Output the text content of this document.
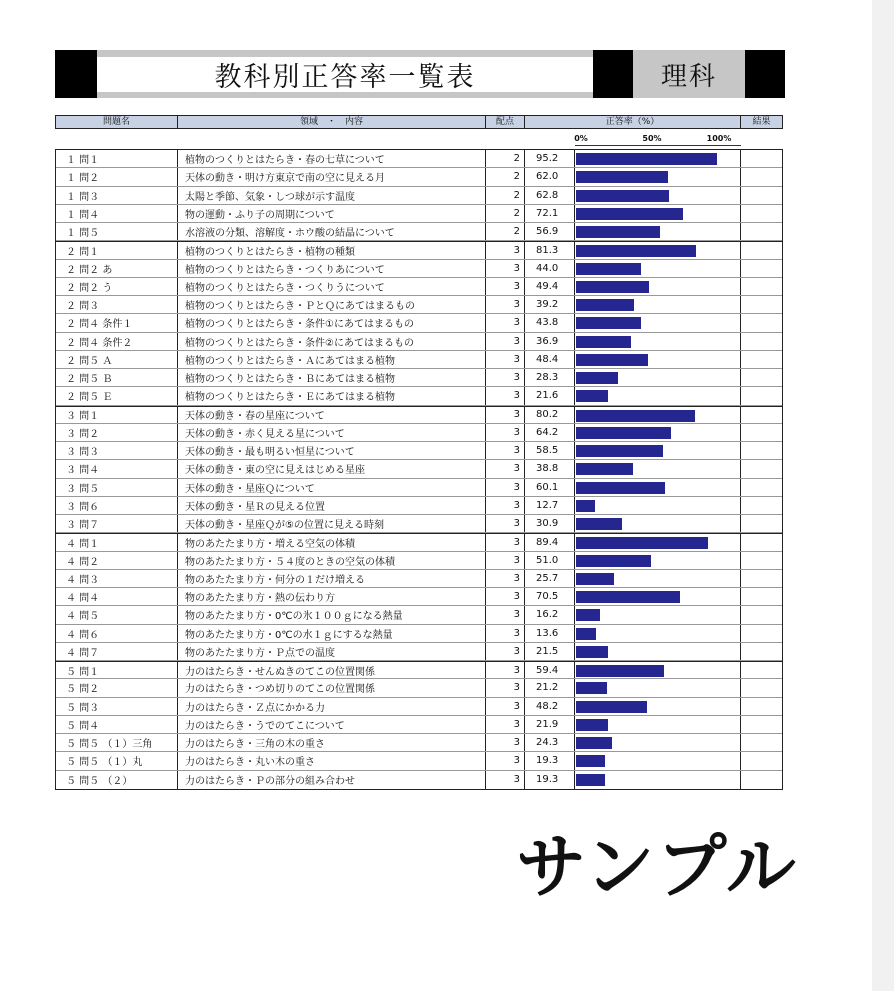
教科別正答率一覧表	理科
問題名	領域　・　内容	配点	正答率（%）	結果
0%	50%	100%
１ 問１	植物のつくりとはたらき・春の七草について	2	95.2
１ 問２	天体の動き・明け方東京で南の空に見える月	2	62.0
１ 問３	太陽と季節、気象・しつ球が示す温度	2	62.8
１ 問４	物の運動・ふり子の周期について	2	72.1
１ 問５	水溶液の分類、溶解度・ホウ酸の結晶について	2	56.9
２ 問１	植物のつくりとはたらき・植物の種類	3	81.3
２ 問２ あ	植物のつくりとはたらき・つくりあについて	3	44.0
２ 問２ う	植物のつくりとはたらき・つくりうについて	3	49.4
２ 問３	植物のつくりとはたらき・ＰとＱにあてはまるもの	3	39.2
２ 問４ 条件１	植物のつくりとはたらき・条件①にあてはまるもの	3	43.8
２ 問４ 条件２	植物のつくりとはたらき・条件②にあてはまるもの	3	36.9
２ 問５ Ａ	植物のつくりとはたらき・Ａにあてはまる植物	3	48.4
２ 問５ Ｂ	植物のつくりとはたらき・Ｂにあてはまる植物	3	28.3
２ 問５ Ｅ	植物のつくりとはたらき・Ｅにあてはまる植物	3	21.6
３ 問１	天体の動き・春の星座について	3	80.2
３ 問２	天体の動き・赤く見える星について	3	64.2
３ 問３	天体の動き・最も明るい恒星について	3	58.5
３ 問４	天体の動き・東の空に見えはじめる星座	3	38.8
３ 問５	天体の動き・星座Ｑについて	3	60.1
３ 問６	天体の動き・星Ｒの見える位置	3	12.7
３ 問７	天体の動き・星座Ｑが⑤の位置に見える時刻	3	30.9
４ 問１	物のあたたまり方・増える空気の体積	3	89.4
４ 問２	物のあたたまり方・５４度のときの空気の体積	3	51.0
４ 問３	物のあたたまり方・何分の１だけ増える	3	25.7
４ 問４	物のあたたまり方・熱の伝わり方	3	70.5
４ 問５	物のあたたまり方・0℃の氷１００ｇになる熱量	3	16.2
４ 問６	物のあたたまり方・0℃の水１ｇにするな熱量	3	13.6
４ 問７	物のあたたまり方・Ｐ点での温度	3	21.5
５ 問１	力のはたらき・せんぬきのてこの位置関係	3	59.4
５ 問２	力のはたらき・つめ切りのてこの位置関係	3	21.2
５ 問３	力のはたらき・Ｚ点にかかる力	3	48.2
５ 問４	力のはたらき・うでのてこについて	3	21.9
５ 問５ （１）三角	力のはたらき・三角の木の重さ	3	24.3
５ 問５ （１）丸	力のはたらき・丸い木の重さ	3	19.3
５ 問５ （２）	力のはたらき・Ｐの部分の組み合わせ	3	19.3
サンプル
